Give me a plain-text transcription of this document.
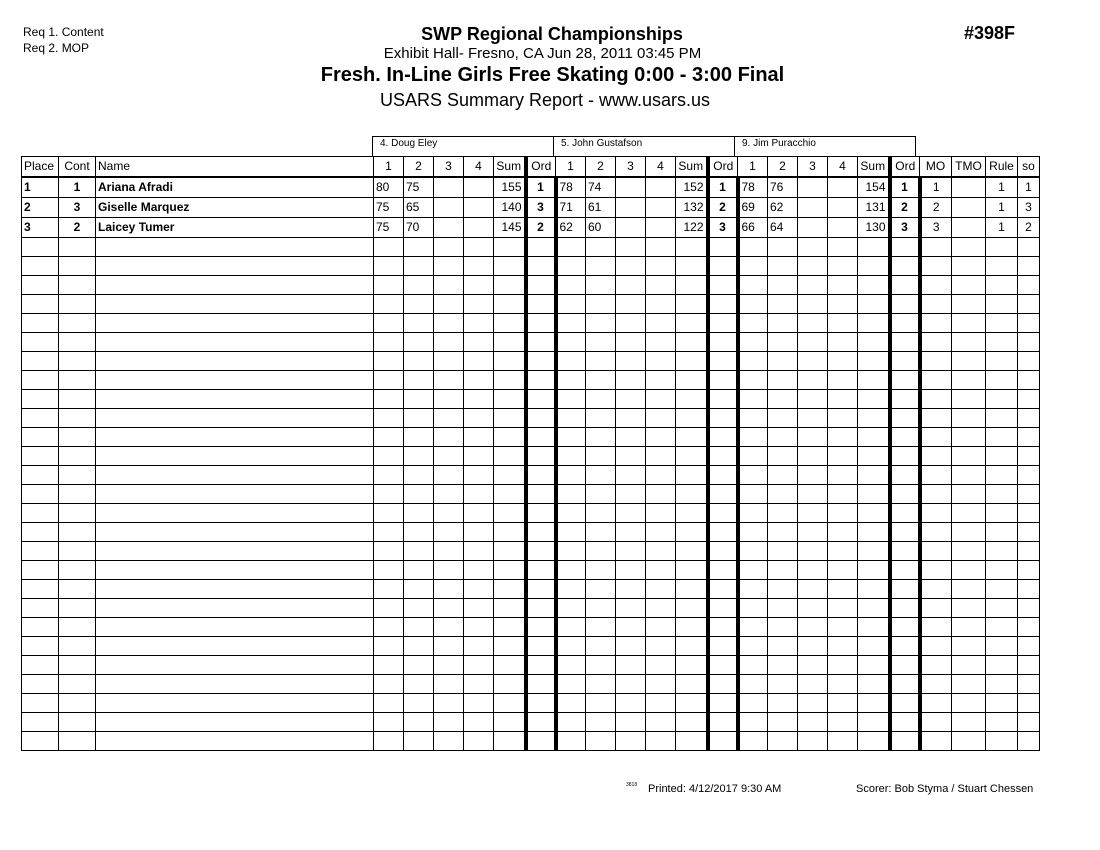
Req 1. Content
Req 2. MOP
#398F
SWP Regional Championships
Exhibit Hall- Fresno, CA Jun 28, 2011 03:45 PM
Fresh. In-Line Girls Free Skating 0:00 - 3:00 Final
USARS Summary Report - www.usars.us
4. Doug Eley	5. John Gustafson	9. Jim Puracchio
Place	Cont	Name	1	2	3	4	Sum	Ord	1	2	3	4	Sum	Ord	1	2	3	4	Sum	Ord	MO	TMO	Rule	so
1	1	Ariana Afradi	80	75			155	1	78	74			152	1	78	76			154	1	1		1	1
2	3	Giselle Marquez	75	65			140	3	71	61			132	2	69	62			131	2	2		1	3
3	2	Laicey Tumer	75	70			145	2	62	60			122	3	66	64			130	3	3		1	2

3818 Printed: 4/12/2017 9:30 AM	Scorer: Bob Styma / Stuart Chessen
